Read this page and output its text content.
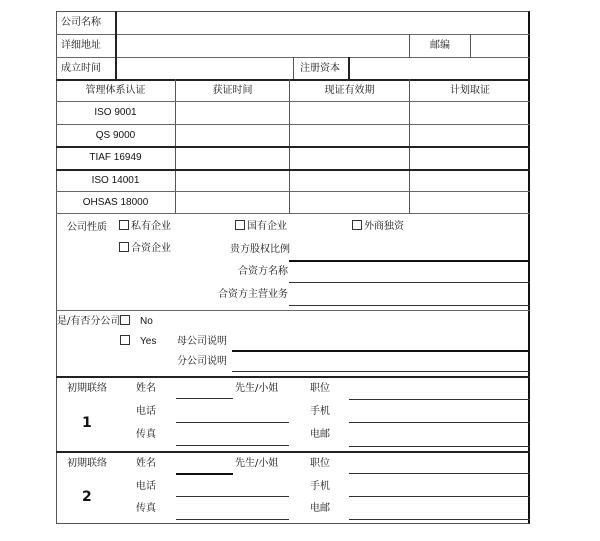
公司名称
详细地址	邮编
成立时间	注册资本
管理体系认证	获证时间	现证有效期	计划取证
ISO 9001
QS 9000
TIAF 16949
ISO 14001
OHSAS 18000
公司性质	私有企业	国有企业	外商独资
合资企业	贵方股权比例
合资方名称
合资方主营业务
是/有否分公司	No
Yes 母公司说明
分公司说明
初期联络
1
姓名	先生/小姐	职位
电话	手机
传真	电邮
初期联络
2
姓名	先生/小姐	职位
电话	手机
传真	电邮
